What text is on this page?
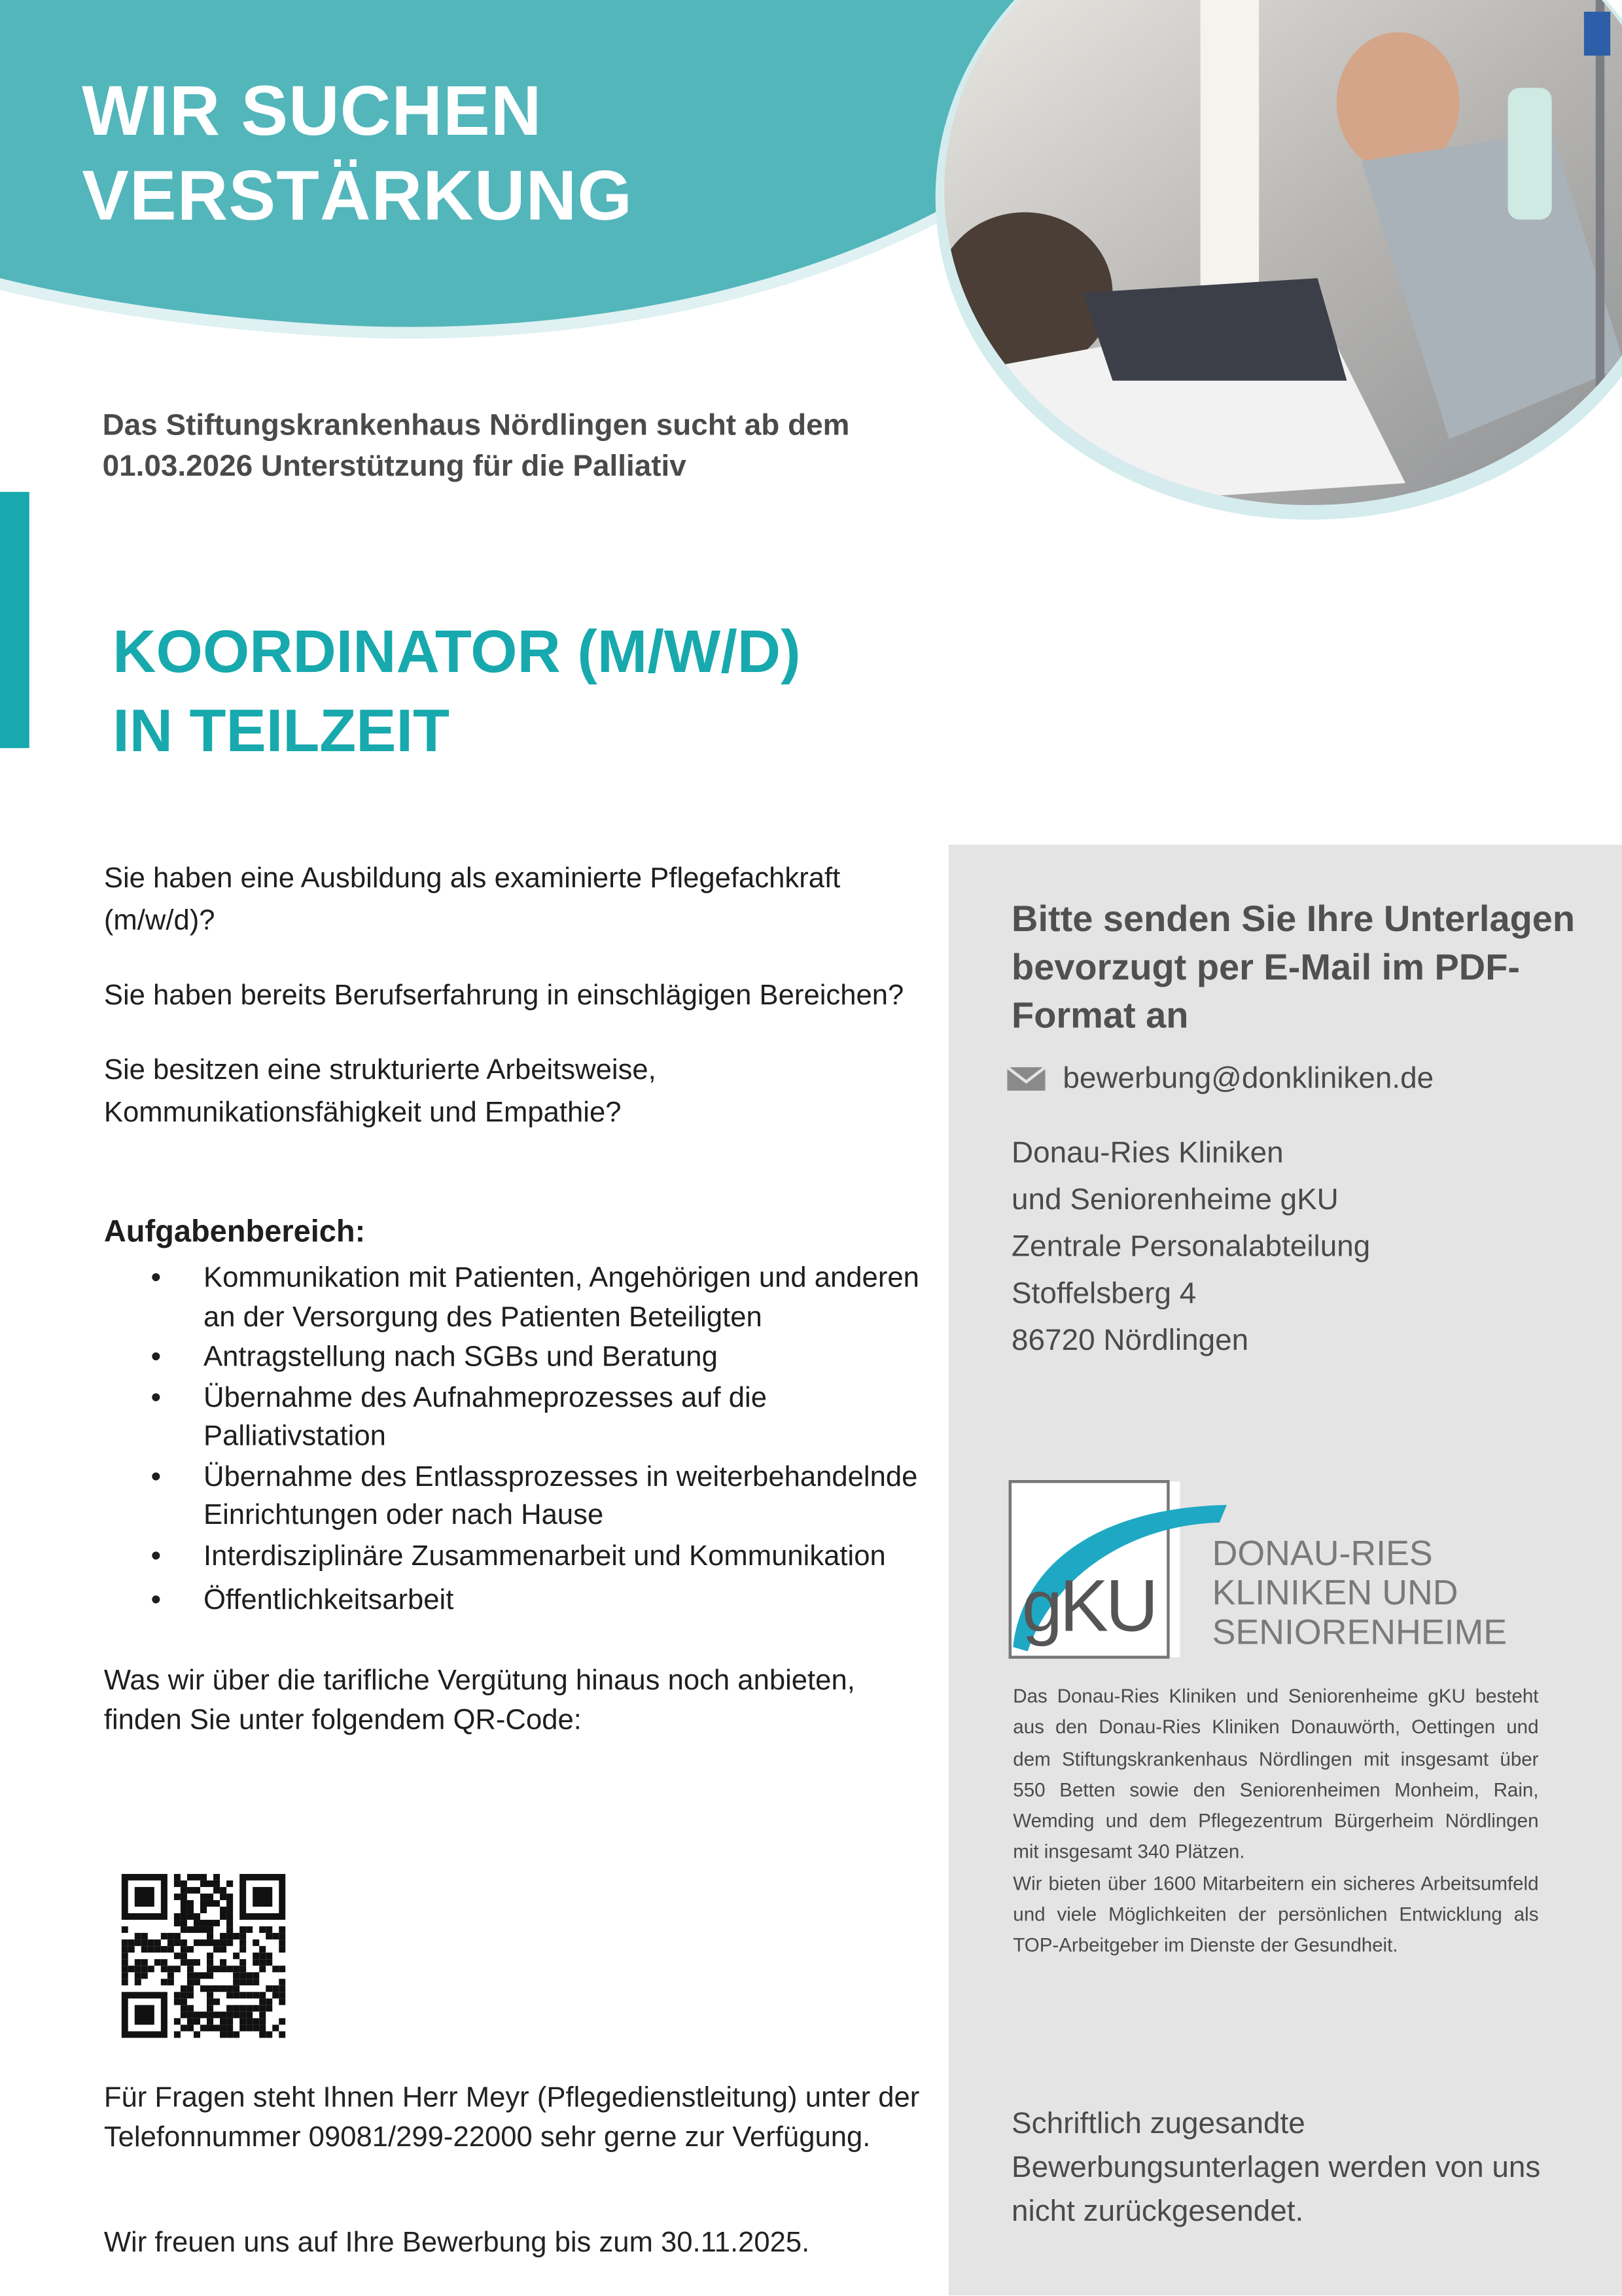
WIR SUCHEN
VERSTÄRKUNG
Das Stiftungskrankenhaus Nördlingen sucht ab dem
01.03.2026 Unterstützung für die Palliativ
KOORDINATOR (M/W/D)
IN TEILZEIT

Sie haben eine Ausbildung als examinierte Pflegefachkraft (m/w/d)?

Sie haben bereits Berufserfahrung in einschlägigen Bereichen?

Sie besitzen eine strukturierte Arbeitsweise, Kommunikationsfähigkeit und Empathie?

Aufgabenbereich:
• Kommunikation mit Patienten, Angehörigen und anderen an der Versorgung des Patienten Beteiligten
• Antragstellung nach SGBs und Beratung
• Übernahme des Aufnahmeprozesses auf die Palliativstation
• Übernahme des Entlassprozesses in weiterbehandelnde Einrichtungen oder nach Hause
• Interdisziplinäre Zusammenarbeit und Kommunikation
• Öffentlichkeitsarbeit

Was wir über die tarifliche Vergütung hinaus noch anbieten, finden Sie unter folgendem QR-Code:

Für Fragen steht Ihnen Herr Meyr (Pflegedienstleitung) unter der Telefonnummer 09081/299-22000 sehr gerne zur Verfügung.
Wir freuen uns auf Ihre Bewerbung bis zum 30.11.2025.
Bitte senden Sie Ihre Unterlagen bevorzugt per E-Mail im PDF-Format an
bewerbung@donkliniken.de
Donau-Ries Kliniken
und Seniorenheime gKU
Zentrale Personalabteilung
Stoffelsberg 4
86720 Nördlingen
gKU
DONAU-RIES
KLINIKEN UND
SENIORENHEIME

Das Donau-Ries Kliniken und Seniorenheime gKU besteht aus den Donau-Ries Kliniken Donauwörth, Oettingen und dem Stiftungskrankenhaus Nördlingen mit insgesamt über 550 Betten sowie den Seniorenheimen Monheim, Rain, Wemding und dem Pflegezentrum Bürgerheim Nördlingen mit insgesamt 340 Plätzen.

Wir bieten über 1600 Mitarbeitern ein sicheres Arbeitsumfeld und viele Möglichkeiten der persönlichen Entwicklung als TOP-Arbeitgeber im Dienste der Gesundheit.

Schriftlich zugesandte Bewerbungsunterlagen werden von uns nicht zurückgesendet.
